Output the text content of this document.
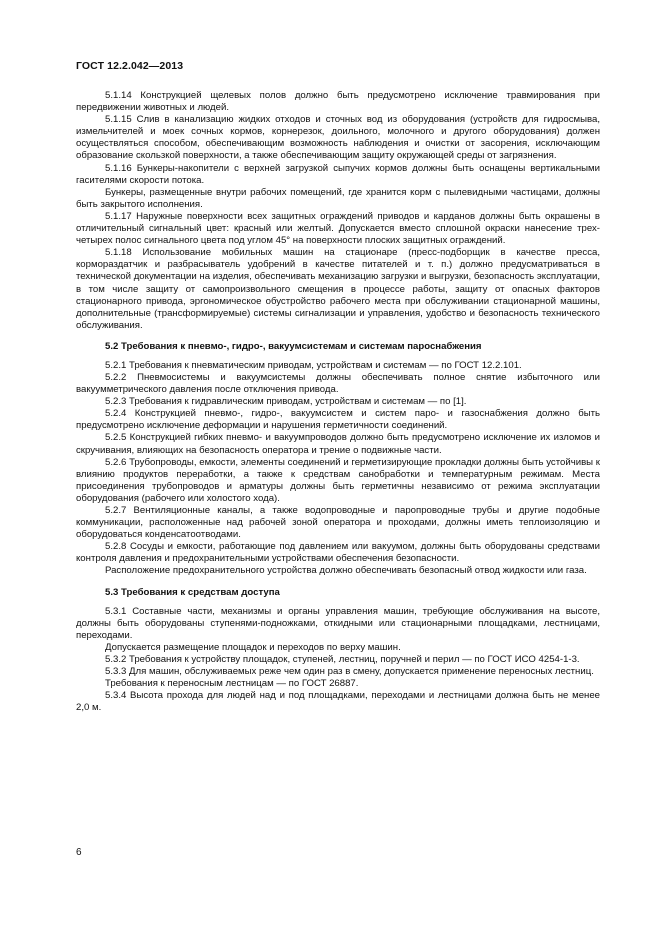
ГОСТ 12.2.042—2013

5.1.14 Конструкцией щелевых полов должно быть предусмотрено исключение травмирования при передвижении животных и людей.

5.1.15 Слив в канализацию жидких отходов и сточных вод из оборудования (устройств для гидросмыва, измельчителей и моек сочных кормов, корнерезок, доильного, молочного и другого оборудования) должен осуществляться способом, обеспечивающим возможность наблюдения и очистки от засорения, исключающим образование скользкой поверхности, а также обеспечивающим защиту окружающей среды от загрязнения.

5.1.16 Бункеры-накопители с верхней загрузкой сыпучих кормов должны быть оснащены вертикальными гасителями скорости потока.

Бункеры, размещенные внутри рабочих помещений, где хранится корм с пылевидными частицами, должны быть закрытого исполнения.

5.1.17 Наружные поверхности всех защитных ограждений приводов и карданов должны быть окрашены в отличительный сигнальный цвет: красный или желтый. Допускается вместо сплошной окраски нанесение трех-четырех полос сигнального цвета под углом 45° на поверхности плоских защитных ограждений.

5.1.18 Использование мобильных машин на стационаре (пресс-подборщик в качестве пресса, кормораздатчик и разбрасыватель удобрений в качестве питателей и т. п.) должно предусматриваться в технической документации на изделия, обеспечивать механизацию загрузки и выгрузки, безопасность эксплуатации, в том числе защиту от самопроизвольного смещения в процессе работы, защиту от опасных факторов стационарного привода, эргономическое обустройство рабочего места при обслуживании стационарной машины, дополнительные (трансформируемые) системы сигнализации и управления, удобство и безопасность технического обслуживания.

5.2 Требования к пневмо-, гидро-, вакуумсистемам и системам пароснабжения

5.2.1 Требования к пневматическим приводам, устройствам и системам — по ГОСТ 12.2.101.

5.2.2 Пневмосистемы и вакуумсистемы должны обеспечивать полное снятие избыточного или вакуумметрического давления после отключения привода.

5.2.3 Требования к гидравлическим приводам, устройствам и системам — по [1].

5.2.4 Конструкцией пневмо-, гидро-, вакуумсистем и систем паро- и газоснабжения должно быть предусмотрено исключение деформации и нарушения герметичности соединений.

5.2.5 Конструкцией гибких пневмо- и вакуумпроводов должно быть предусмотрено исключение их изломов и скручивания, влияющих на безопасность оператора и трение о подвижные части.

5.2.6 Трубопроводы, емкости, элементы соединений и герметизирующие прокладки должны быть устойчивы к влиянию продуктов переработки, а также к средствам санобработки и температурным режимам. Места присоединения трубопроводов и арматуры должны быть герметичны независимо от режима эксплуатации оборудования (рабочего или холостого хода).

5.2.7 Вентиляционные каналы, а также водопроводные и паропроводные трубы и другие подобные коммуникации, расположенные над рабочей зоной оператора и проходами, должны иметь теплоизоляцию и оборудоваться конденсатоотводами.

5.2.8 Сосуды и емкости, работающие под давлением или вакуумом, должны быть оборудованы средствами контроля давления и предохранительными устройствами обеспечения безопасности.

Расположение предохранительного устройства должно обеспечивать безопасный отвод жидкости или газа.

5.3 Требования к средствам доступа

5.3.1 Составные части, механизмы и органы управления машин, требующие обслуживания на высоте, должны быть оборудованы ступенями-подножками, откидными или стационарными площадками, лестницами, переходами.

Допускается размещение площадок и переходов по верху машин.

5.3.2 Требования к устройству площадок, ступеней, лестниц, поручней и перил — по ГОСТ ИСО 4254-1-3.

5.3.3 Для машин, обслуживаемых реже чем один раз в смену, допускается применение переносных лестниц.

Требования к переносным лестницам — по ГОСТ 26887.

5.3.4 Высота прохода для людей над и под площадками, переходами и лестницами должна быть не менее 2,0 м.

6
